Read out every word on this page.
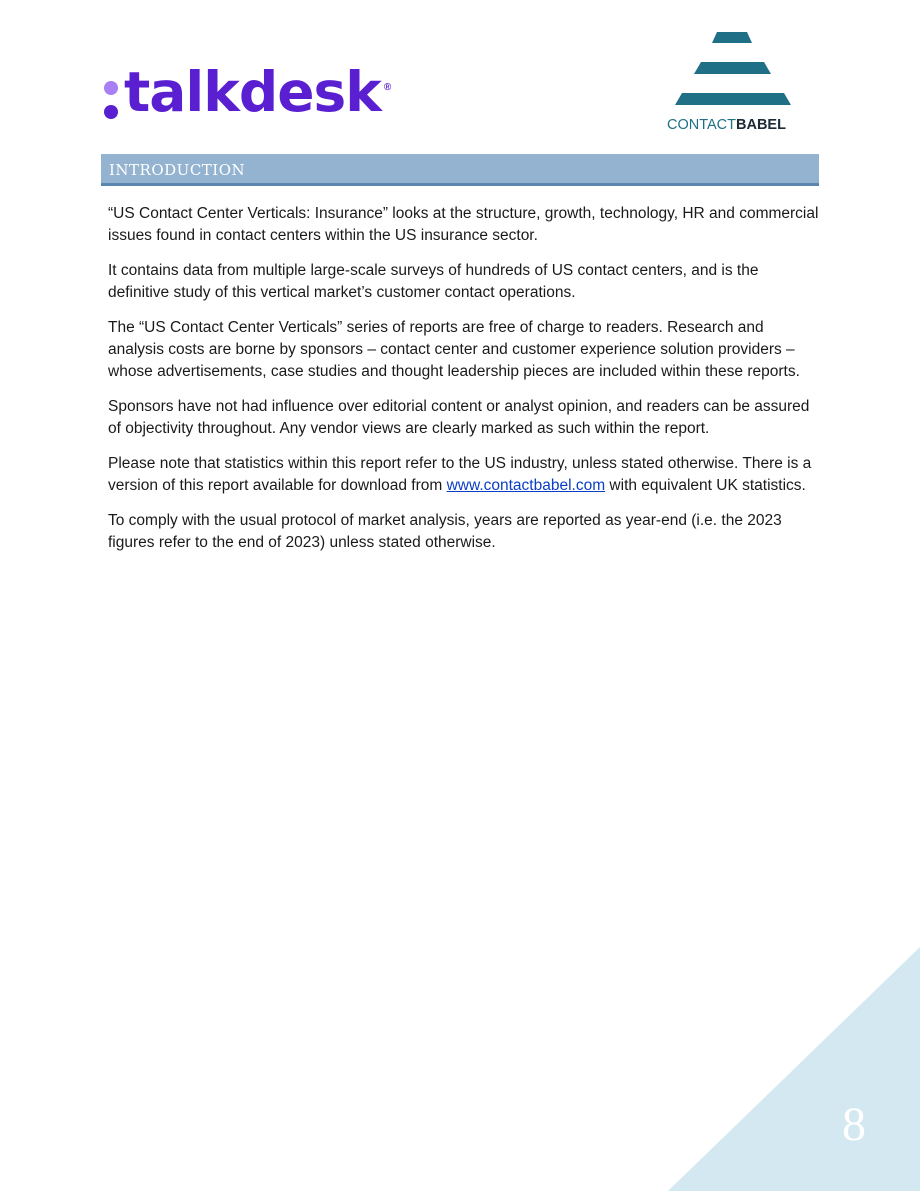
talkdesk ®
CONTACTBABEL
INTRODUCTION

“US Contact Center Verticals: Insurance” looks at the structure, growth, technology, HR and commercial issues found in contact centers within the US insurance sector.

It contains data from multiple large-scale surveys of hundreds of US contact centers, and is the definitive study of this vertical market’s customer contact operations.

The “US Contact Center Verticals” series of reports are free of charge to readers. Research and analysis costs are borne by sponsors – contact center and customer experience solution providers – whose advertisements, case studies and thought leadership pieces are included within these reports.

Sponsors have not had influence over editorial content or analyst opinion, and readers can be assured of objectivity throughout. Any vendor views are clearly marked as such within the report.

Please note that statistics within this report refer to the US industry, unless stated otherwise. There is a version of this report available for download from www.contactbabel.com with equivalent UK statistics.

To comply with the usual protocol of market analysis, years are reported as year-end (i.e. the 2023 figures refer to the end of 2023) unless stated otherwise.

8
